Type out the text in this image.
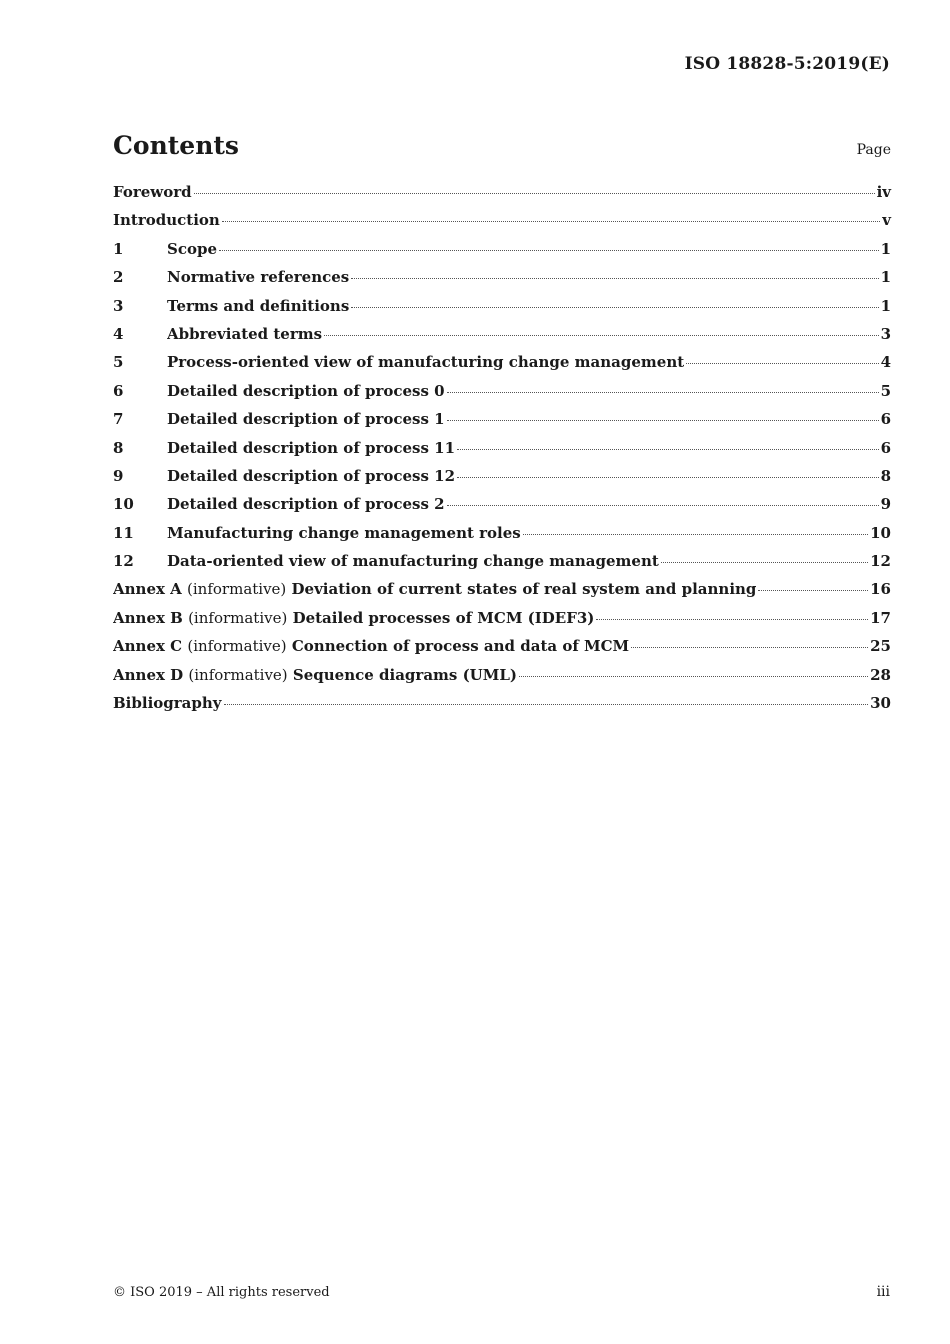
ISO 18828-5:2019(E)
Contents	Page
Foreword	iv
Introduction	v
1	Scope	1
2	Normative references	1
3	Terms and definitions	1
4	Abbreviated terms	3
5	Process-oriented view of manufacturing change management	4
6	Detailed description of process 0	5
7	Detailed description of process 1	6
8	Detailed description of process 11	6
9	Detailed description of process 12	8
10	Detailed description of process 2	9
11	Manufacturing change management roles	10
12	Data-oriented view of manufacturing change management	12
Annex A (informative) Deviation of current states of real system and planning	16
Annex B (informative) Detailed processes of MCM (IDEF3)	17
Annex C (informative) Connection of process and data of MCM	25
Annex D (informative) Sequence diagrams (UML)	28
Bibliography	30
© ISO 2019 – All rights reserved	iii
